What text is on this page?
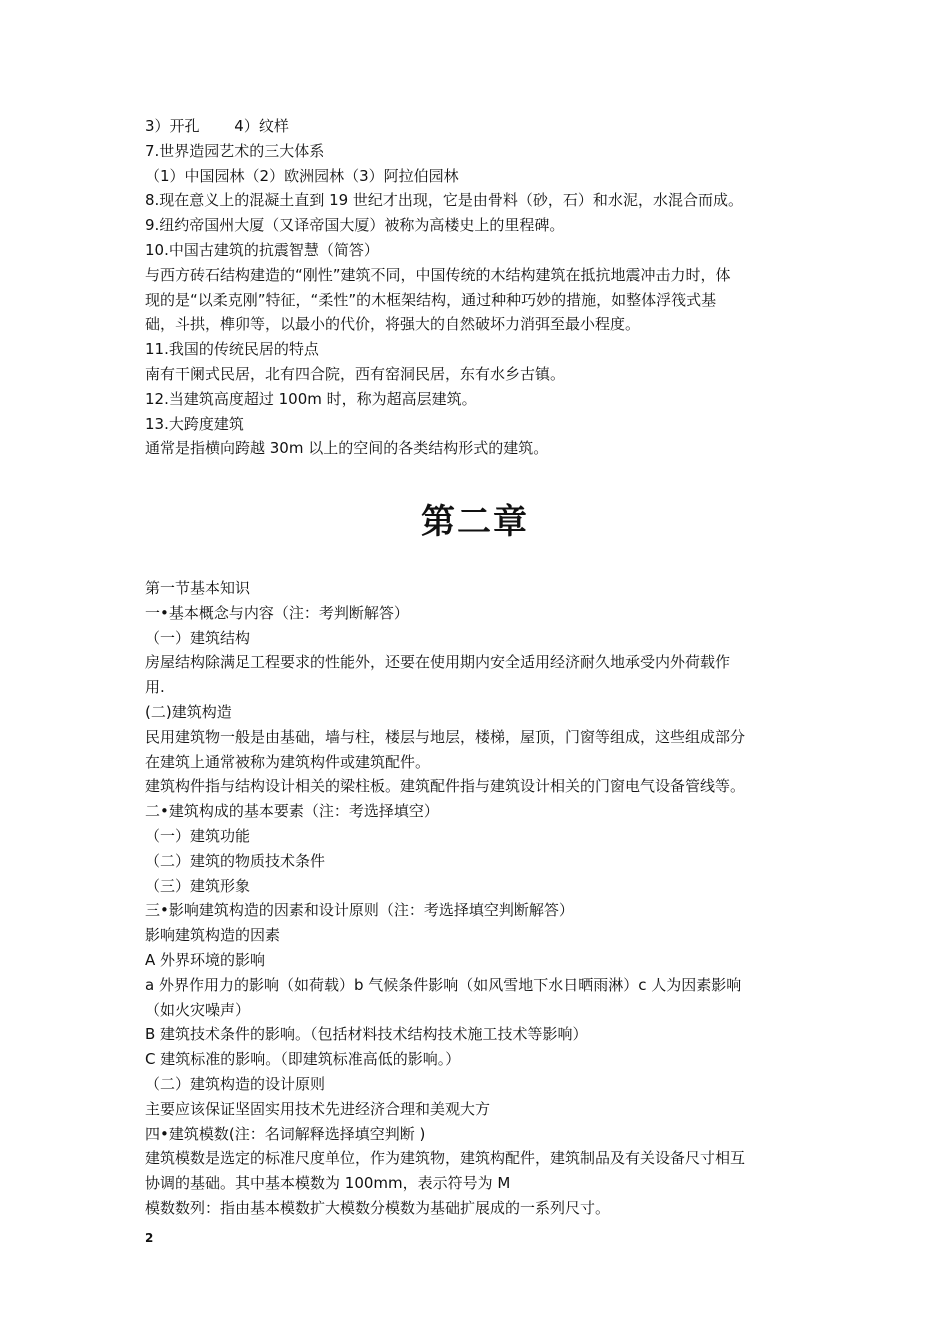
3）开孔　　 4）纹样
7.世界造园艺术的三大体系
（1）中国园林（2）欧洲园林（3）阿拉伯园林
8.现在意义上的混凝土直到 19 世纪才出现，它是由骨料（砂，石）和水泥，水混合而成。
9.纽约帝国州大厦（又译帝国大厦）被称为高楼史上的里程碑。
10.中国古建筑的抗震智慧（简答）
与西方砖石结构建造的“刚性”建筑不同，中国传统的木结构建筑在抵抗地震冲击力时，体
现的是“以柔克刚”特征，“柔性”的木框架结构，通过种种巧妙的措施，如整体浮筏式基
础，斗拱，榫卯等，以最小的代价，将强大的自然破坏力消弭至最小程度。
11.我国的传统民居的特点
南有干阑式民居，北有四合院，西有窑洞民居，东有水乡古镇。
12.当建筑高度超过 100m 时，称为超高层建筑。
13.大跨度建筑
通常是指横向跨越 30m 以上的空间的各类结构形式的建筑。
第二章
第一节基本知识
一•基本概念与内容（注：考判断解答）
（一）建筑结构
房屋结构除满足工程要求的性能外，还要在使用期内安全适用经济耐久地承受内外荷载作
用.
(二)建筑构造
民用建筑物一般是由基础，墙与柱，楼层与地层，楼梯，屋顶，门窗等组成，这些组成部分
在建筑上通常被称为建筑构件或建筑配件。
建筑构件指与结构设计相关的梁柱板。建筑配件指与建筑设计相关的门窗电气设备管线等。
二•建筑构成的基本要素（注：考选择填空）
（一）建筑功能
（二）建筑的物质技术条件
（三）建筑形象
三•影响建筑构造的因素和设计原则（注：考选择填空判断解答）
影响建筑构造的因素
A 外界环境的影响
a 外界作用力的影响（如荷载）b 气候条件影响（如风雪地下水日晒雨淋）c 人为因素影响
（如火灾噪声）
B 建筑技术条件的影响。（包括材料技术结构技术施工技术等影响）
C 建筑标准的影响。（即建筑标准高低的影响。）
（二）建筑构造的设计原则
主要应该保证坚固实用技术先进经济合理和美观大方
四•建筑模数(注：名词解释选择填空判断 )
建筑模数是选定的标准尺度单位，作为建筑物，建筑构配件，建筑制品及有关设备尺寸相互
协调的基础。其中基本模数为 100mm，表示符号为 M
模数数列：指由基本模数扩大模数分模数为基础扩展成的一系列尺寸。
2
